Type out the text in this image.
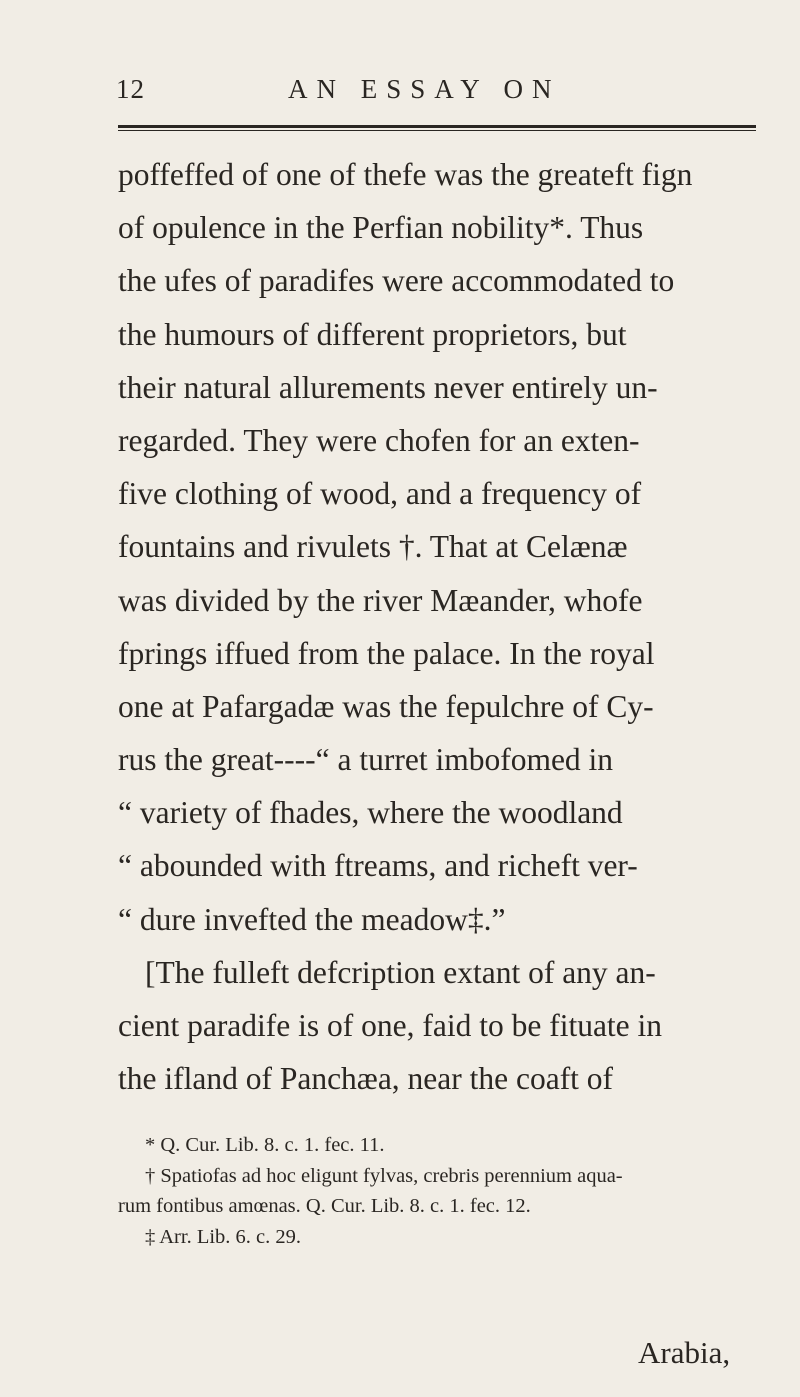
12	AN ESSAY ON
poffeffed of one of thefe was the greateft fign
of opulence in the Perfian nobility*. Thus
the ufes of paradifes were accommodated to
the humours of different proprietors, but
their natural allurements never entirely un-
regarded. They were chofen for an exten-
five clothing of wood, and a frequency of
fountains and rivulets †. That at Celænæ
was divided by the river Mæander, whofe
fprings iffued from the palace. In the royal
one at Pafargadæ was the fepulchre of Cy-
rus the great----“ a turret imbofomed in
“ variety of fhades, where the woodland
“ abounded with ftreams, and richeft ver-
“ dure invefted the meadow‡.”
[The fulleft defcription extant of any an-
cient paradife is of one, faid to be fituate in
the ifland of Panchæa, near the coaft of
* Q. Cur. Lib. 8. c. 1. fec. 11.
† Spatiofas ad hoc eligunt fylvas, crebris perennium aqua-
rum fontibus amœnas. Q. Cur. Lib. 8. c. 1. fec. 12.
‡ Arr. Lib. 6. c. 29.
Arabia,
